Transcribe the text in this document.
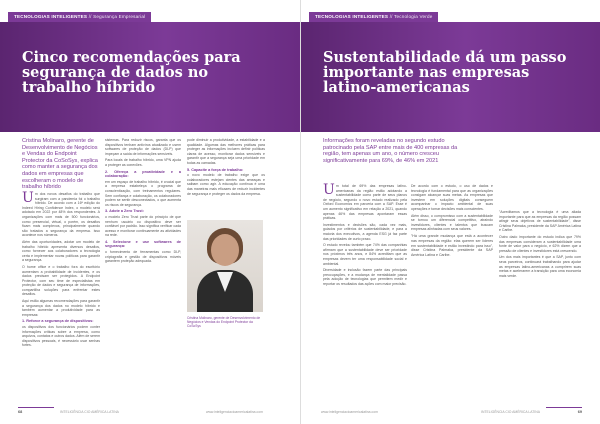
TECNOLOGIAS INTELIGENTES // Segurança Empresarial
Cinco recomendações para segurança de dados no trabalho híbrido
Cristina Molinaro, gerente de Desenvolvimento de Negócios e Vendas do Endpoint Protector da CoSoSys, explica como manter a segurança dos dados em empresas que escolheram o modelo de trabalho híbrido

Um dos novos desafios do trabalho que surgiram com a pandemia foi o trabalho híbrido. De acordo com a 16ª edição do Indeed Hiring Confidence Index, o modelo será adotado em 2022 por 48% dos respondentes. A organizações com mais de 500 funcionários, como presencial, virtual, o porém, os desafios ficam mais complexos, principalmente quando são tratados a segurança da empresa. Isso acontece nos números.

Além das oportunidades, adotar um modelo de trabalho híbrido apresenta diversos desafios, como fornecer aos colaboradores a tecnologia certa e implementar novas políticas para garantir a segurança.

O home office e o trabalho fora do escritório aumentam a probabilidade de incidentes, e os dados precisam ser protegidos. A Endpoint Protector, com seu time de especialistas em proteção de dados e segurança de informações, compartilha soluções para enfrentar estes desafios.

Aqui estão algumas recomendações para garantir a segurança dos dados no modelo híbrido e também aumentar a produtividade para as empresas:

1. Reforce a segurança de dispositivos:

os dispositivos dos funcionários podem conter informações críticas sobre a empresa, como arquivos, contatos e outros dados. Além de serem dispositivos pessoais, é necessário usar senhas fortes.

sistemas. Para reduzir riscos, garanta que os dispositivos tenham antivírus atualizado e usem softwares de proteção de dados (DLP) que impeçam a saída de informações sensíveis.

Para locais de trabalho híbrido, uma VPN ajuda a proteger as conexões.

2. Ofereça a proatividade e a colaboração:

em um espaço de trabalho híbrido, é crucial que a empresa estabeleça o programa de conscientização, com treinamentos regulares. Sem confiança e colaboração, os colaboradores podem se sentir desconectados, o que aumenta os riscos de segurança.

3. Adote a Zero Trust:

o modelo Zero Trust parte do princípio de que nenhum usuário ou dispositivo deve ser confiável por padrão. Isso significa verificar cada acesso e monitorar continuamente as atividades na rede.

4. Selecione e use softwares de segurança:

o fornecimento de ferramentas como DLP, criptografia e gestão de dispositivos móveis garantem proteção adequada.

pode diminuir a produtividade, a estabilidade e a qualidade. Algumas das melhores práticas para proteger as informações incluem definir políticas claras de acesso, monitorar dados sensíveis e garantir que a segurança seja uma prioridade em todas as camadas.

5. Capacite a força de trabalho:

o novo modelo de trabalho exige que os colaboradores estejam cientes das ameaças e saibam como agir. A educação contínua é uma das maneiras mais eficazes de reduzir incidentes de segurança e proteger os dados da empresa.

Cristina Molinaro, gerente de Desenvolvimento de Negócios e Vendas do Endpoint Protector da CoSoSys
68	INTELIGÊNCIA CIO AMÉRICA LATINA	www.inteligenciacioamericalatina.com
TECNOLOGIAS INTELIGENTES // Tecnologia Verde
Sustentabilidade dá um passo importante nas empresas latino-americanas
Informações foram reveladas no segundo estudo patrocinado pela SAP entre mais de 400 empresas da região, tem apenas um ano, o número cresceu significativamente para 69%, de 46% em 2021

Um total de 69% das empresas latino-americanas da região estão adotando a sustentabilidade como parte de seus planos de negócio, segundo o novo estudo realizado pela Oxford Economics em parceria com a SAP. Esse é um aumento significativo em relação a 2021, quando apenas 46% das empresas apontaram essas práticas.

Investimentos e decisões são, cada vez mais, guiados por critérios de sustentabilidade, e para a maioria dos executivos, a agenda ESG já faz parte das prioridades de curto prazo.

O estudo revelou também que 74% das companhias afirmam que a sustentabilidade deve ser prioridade nos próximos três anos, e 84% acreditam que as empresas devem ter uma responsabilidade social e ambiental.

Diversidade e inclusão fazem parte das principais preocupações, e a mudança de mentalidade passa pela adoção de tecnologias que permitem medir e reportar os resultados das ações com maior precisão.

De acordo com o estudo, o uso de dados e tecnologia é fundamental para que as organizações consigam alcançar suas metas. As empresas que investem em soluções digitais conseguem acompanhar o impacto ambiental de suas operações e tomar decisões mais conscientes.

Além disso, o compromisso com a sustentabilidade se tornou um diferencial competitivo, atraindo investidores, clientes e talentos que buscam empresas alinhadas com seus valores.

"Há uma grande mudança que está a acontecer nas empresas da região: elas querem ser líderes em sustentabilidade e estão investindo para isso", disse Cristina Palmaka, presidente da SAP América Latina e Caribe.

"Acreditamos que a tecnologia é uma aliada importante para que as empresas da região possam atingir seus objetivos de sustentabilidade", disse Cristina Palmaka, presidente da SAP América Latina e Caribe.

Outro dado importante do estudo indica que 79% das empresas consideram a sustentabilidade uma fonte de valor para o negócio, e 62% dizem que a pressão de clientes e investidores está crescendo.

Um dos mais importantes é que a SAP, junto com seus parceiros, continuará trabalhando para ajudar as empresas latino-americanas a cumprirem suas metas e acelerarem a transição para uma economia mais verde.

www.inteligenciacioamericalatina.com	INTELIGÊNCIA CIO AMÉRICA LATINA	69
